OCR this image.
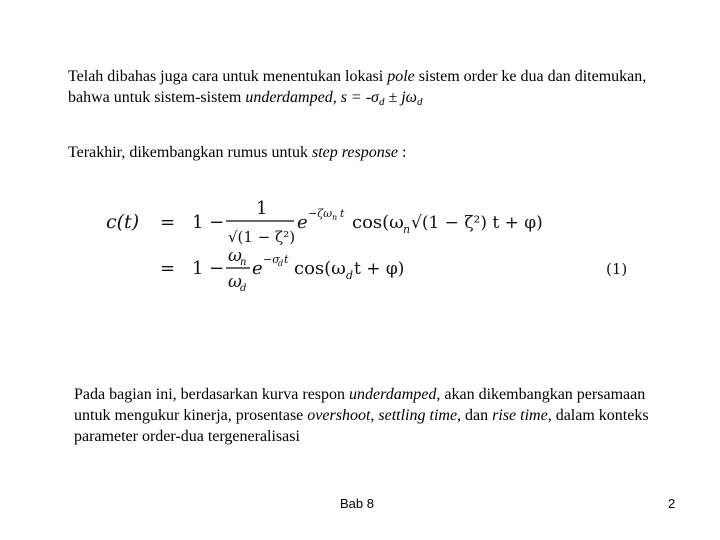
Telah dibahas juga cara untuk menentukan lokasi pole sistem order ke dua dan ditemukan, bahwa untuk sistem-sistem underdamped, $s = -\sigma_d \pm j\omega_d$
Terakhir, dikembangkan rumus untuk step response :
c(t) = 1 −
1
√(1 − ζ²)
e −ζω n t cos(ω n √(1 − ζ²) t + φ)
= 1 −
ω
n
ω
d
e −σ
d t cos(ω d t + φ)	(1)
Pada bagian ini, berdasarkan kurva respon underdamped, akan dikembangkan persamaan untuk mengukur kinerja, prosentase overshoot, settling time, dan rise time, dalam konteks parameter order-dua tergeneralisasi
Bab 8	2
